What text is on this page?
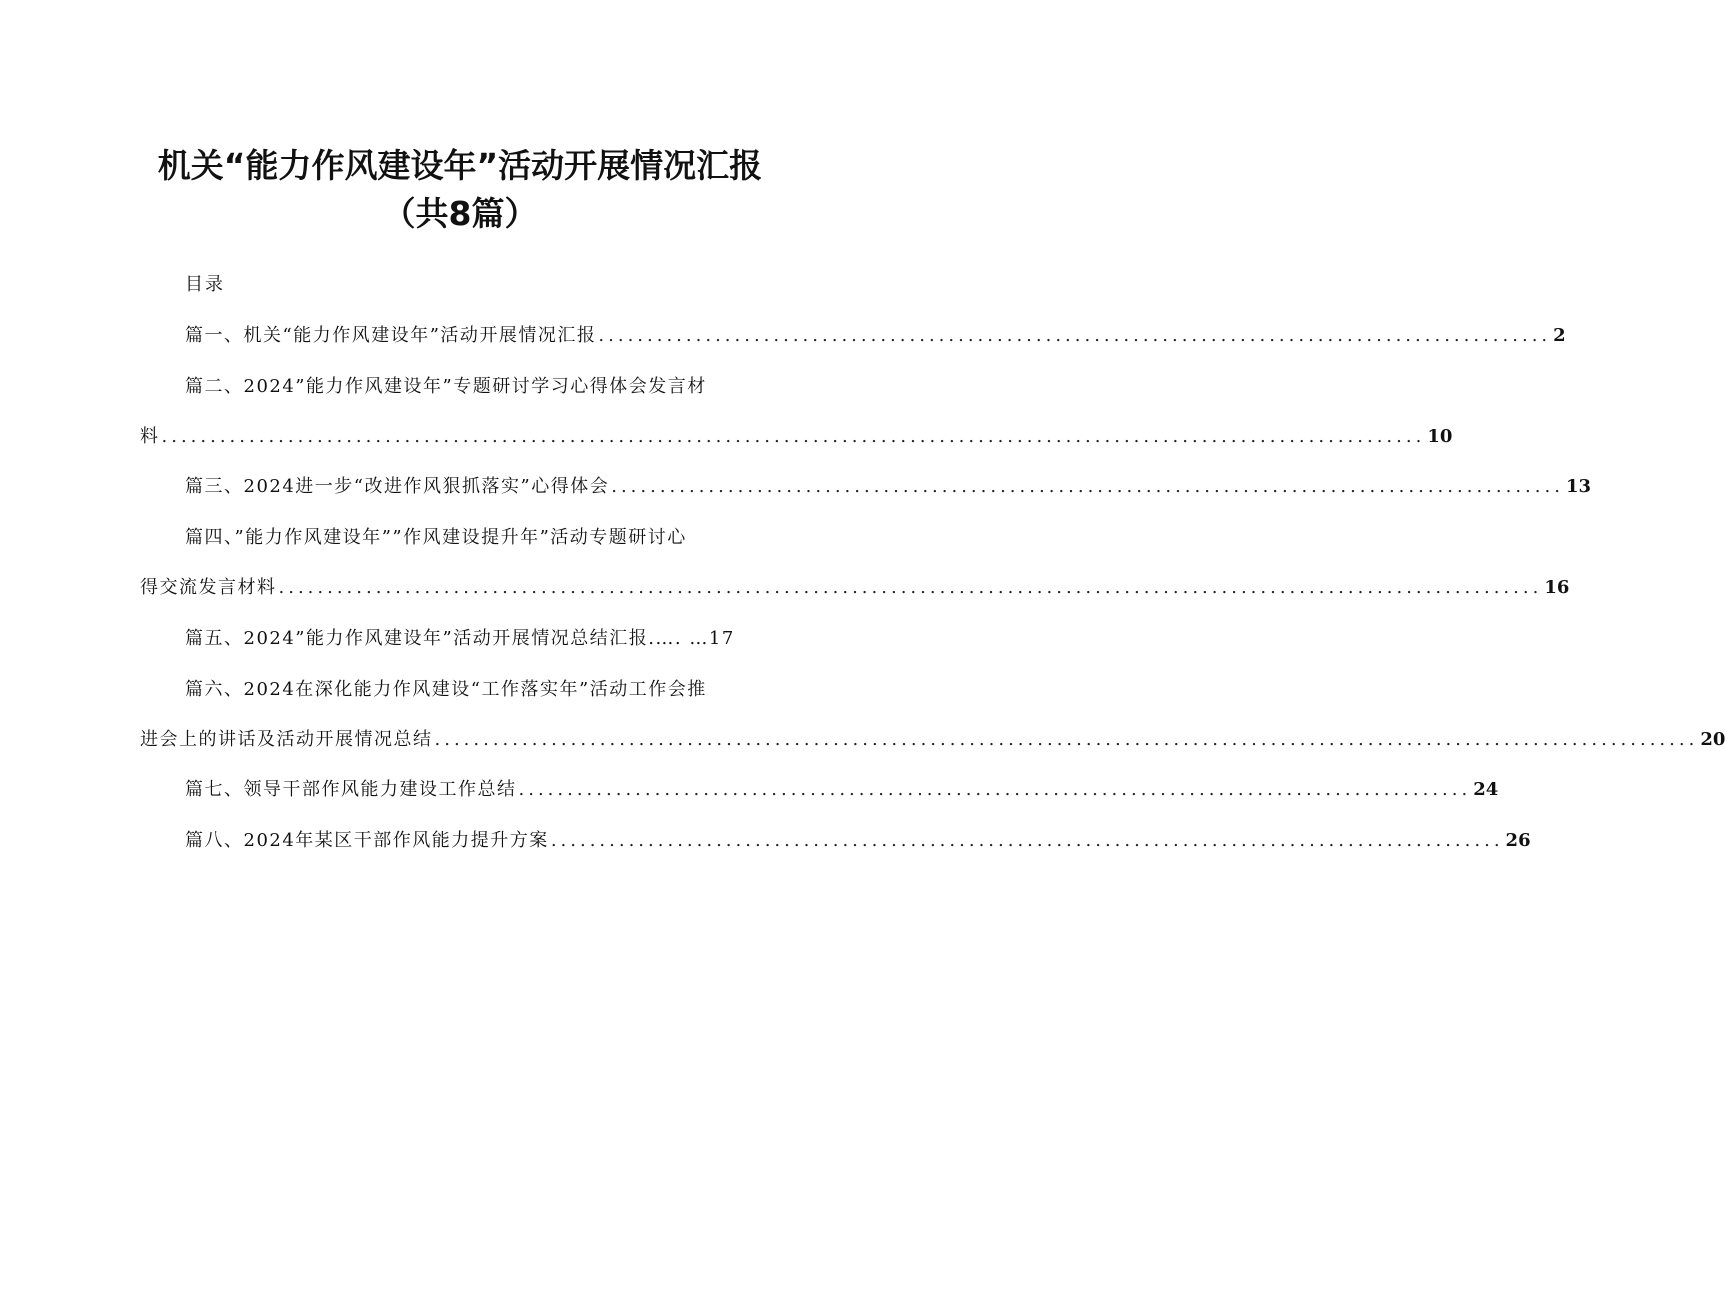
机关“能力作风建设年”活动开展情况汇报
（共8篇）
目录
篇一、机关“能力作风建设年”活动开展情况汇报 .................................................................................................. 2
篇二、2024”能力作风建设年”专题研讨学习心得体会发言材
料 .................................................................................................................................. 10
篇三、2024进一步“改进作风狠抓落实”心得体会 .................................................................................................. 13
篇四、”能力作风建设年””作风建设提升年”活动专题研讨心
得交流发言材料 .................................................................................................................................. 16
篇五、2024”能力作风建设年”活动开展情况总结汇报.…. …17
篇六、2024在深化能力作风建设“工作落实年”活动工作会推
进会上的讲话及活动开展情况总结 .................................................................................................................................. 20
篇七、领导干部作风能力建设工作总结 .................................................................................................. 24
篇八、2024年某区干部作风能力提升方案 .................................................................................................. 26
